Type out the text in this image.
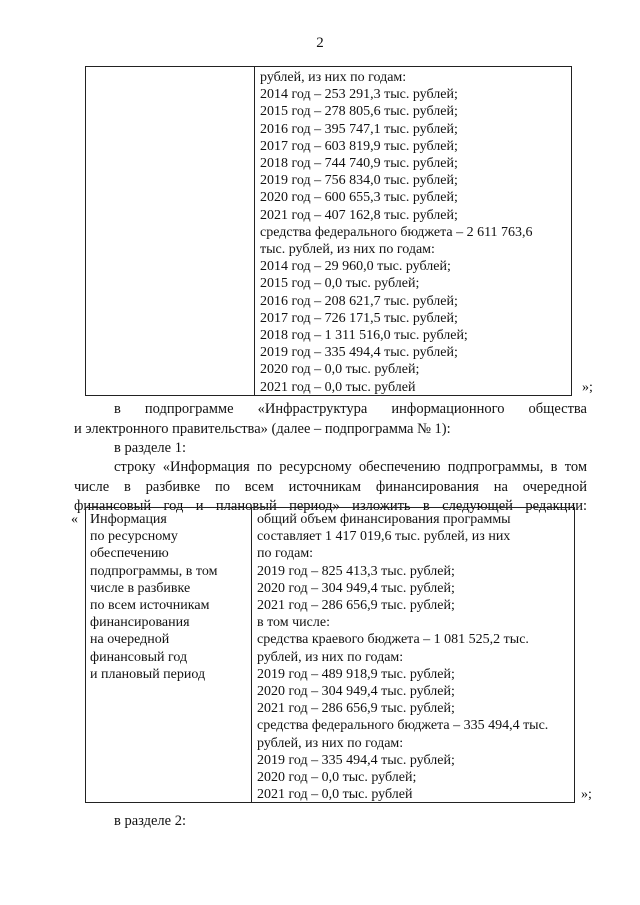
2
рублей, из них по годам:
2014 год – 253 291,3 тыс. рублей;
2015 год – 278 805,6 тыс. рублей;
2016 год – 395 747,1 тыс. рублей;
2017 год – 603 819,9 тыс. рублей;
2018 год – 744 740,9 тыс. рублей;
2019 год – 756 834,0 тыс. рублей;
2020 год – 600 655,3 тыс. рублей;
2021 год – 407 162,8 тыс. рублей;
средства федерального бюджета – 2 611 763,6
тыс. рублей, из них по годам:
2014 год – 29 960,0 тыс. рублей;
2015 год – 0,0 тыс. рублей;
2016 год – 208 621,7 тыс. рублей;
2017 год – 726 171,5 тыс. рублей;
2018 год – 1 311 516,0 тыс. рублей;
2019 год – 335 494,4 тыс. рублей;
2020 год – 0,0 тыс. рублей;
2021 год – 0,0 тыс. рублей	»;
в подпрограмме «Инфраструктура информационного общества
и электронного правительства» (далее – подпрограмма № 1):
в разделе 1:
строку «Информация по ресурсному обеспечению подпрограммы, в том
числе в разбивке по всем источникам финансирования на очередной
финансовый год и плановый период» изложить в следующей редакции:
« Информация
по ресурсному
обеспечению
подпрограммы, в том
числе в разбивке
по всем источникам
финансирования
на очередной
финансовый год
и плановый период
общий объем финансирования программы
составляет 1 417 019,6 тыс. рублей, из них
по годам:
2019 год – 825 413,3 тыс. рублей;
2020 год – 304 949,4 тыс. рублей;
2021 год – 286 656,9 тыс. рублей;
в том числе:
средства краевого бюджета – 1 081 525,2 тыс.
рублей, из них по годам:
2019 год – 489 918,9 тыс. рублей;
2020 год – 304 949,4 тыс. рублей;
2021 год – 286 656,9 тыс. рублей;
средства федерального бюджета – 335 494,4 тыс.
рублей, из них по годам:
2019 год – 335 494,4 тыс. рублей;
2020 год – 0,0 тыс. рублей;
2021 год – 0,0 тыс. рублей	»;
в разделе 2:
